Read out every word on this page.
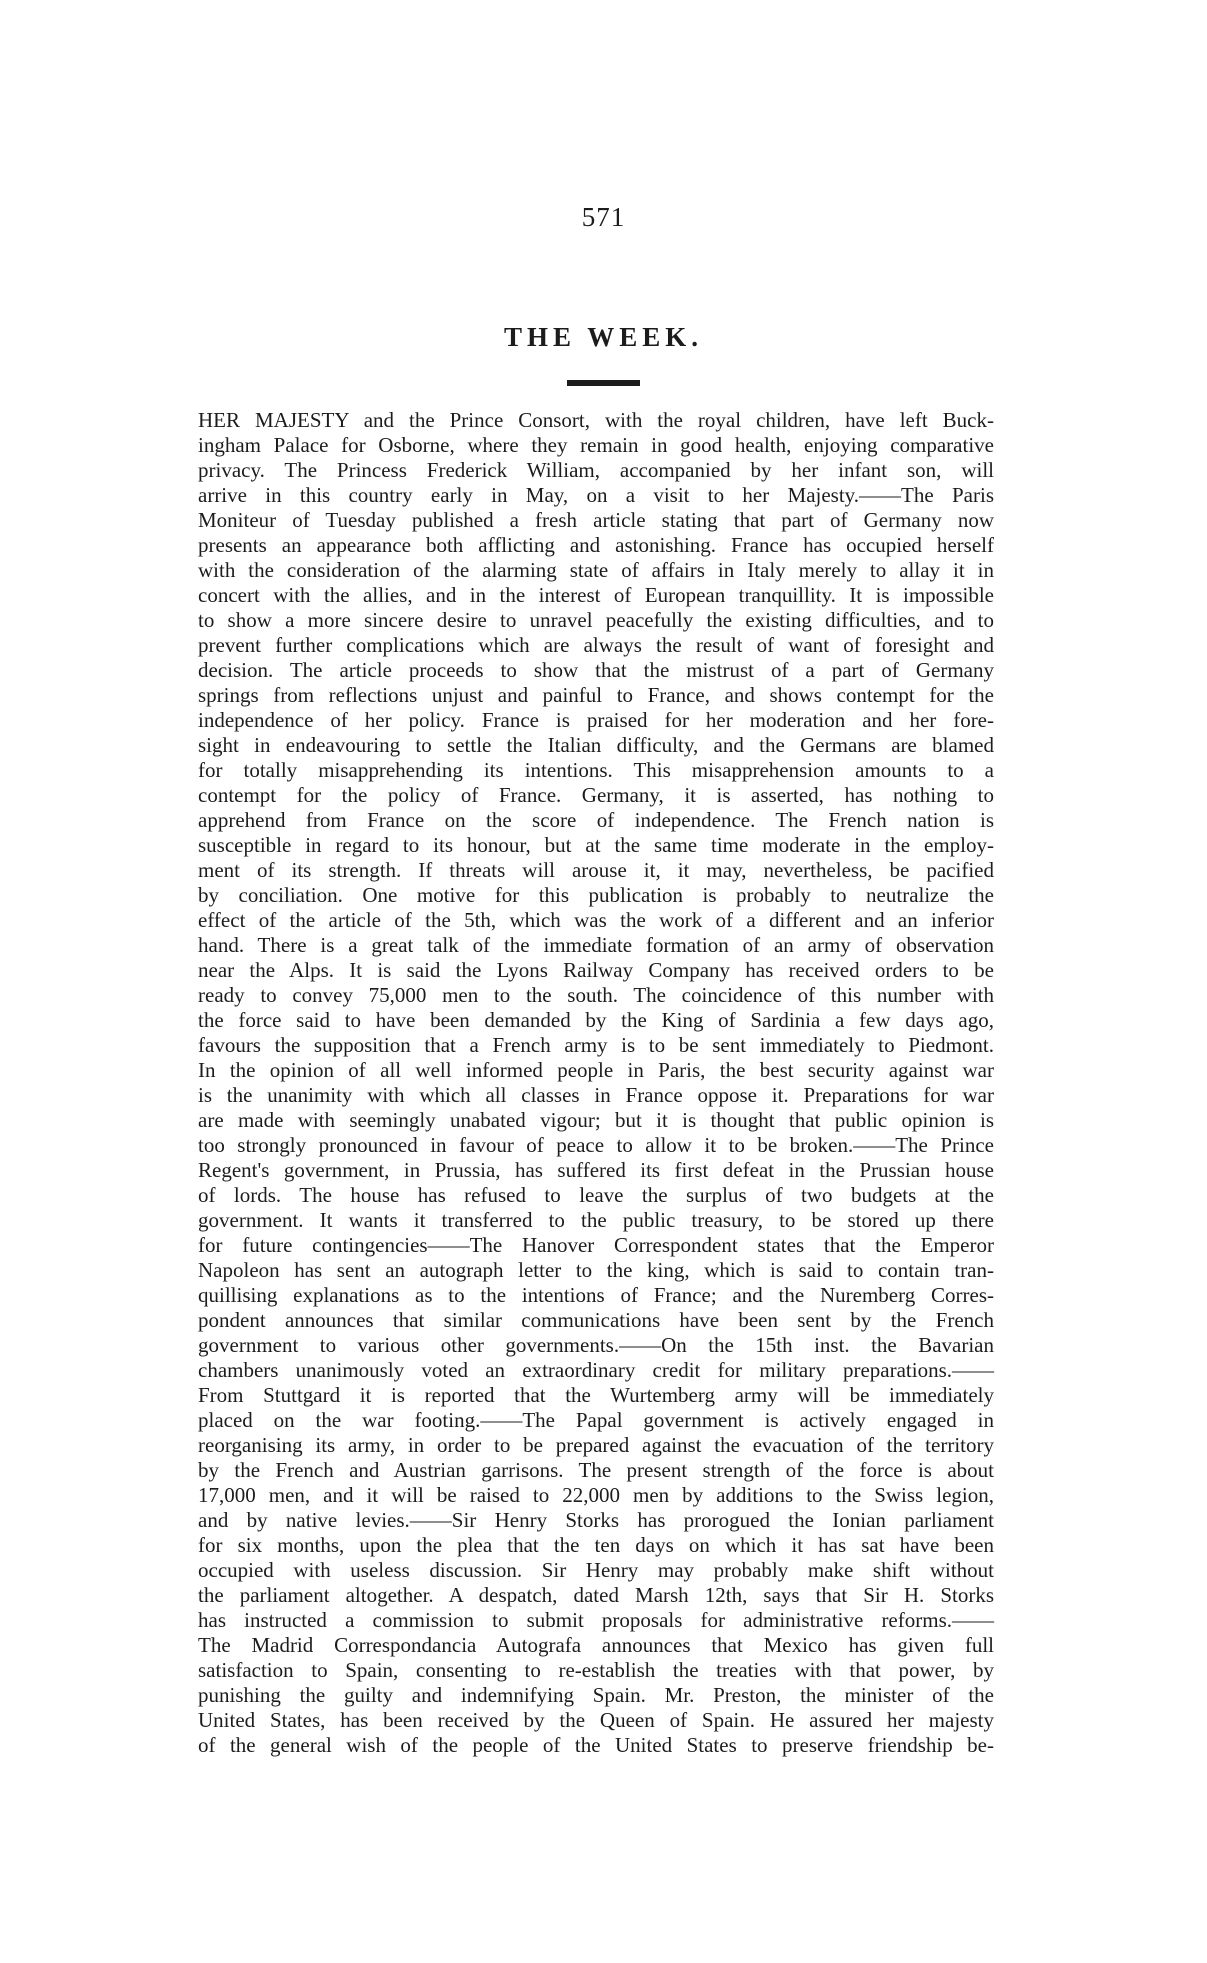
571
THE WEEK.
HER MAJESTY and the Prince Consort, with the royal children, have left Buck-
ingham Palace for Osborne, where they remain in good health, enjoying comparative
privacy. The Princess Frederick William, accompanied by her infant son, will
arrive in this country early in May, on a visit to her Majesty.——The Paris
Moniteur of Tuesday published a fresh article stating that part of Germany now
presents an appearance both afflicting and astonishing. France has occupied herself
with the consideration of the alarming state of affairs in Italy merely to allay it in
concert with the allies, and in the interest of European tranquillity. It is impossible
to show a more sincere desire to unravel peacefully the existing difficulties, and to
prevent further complications which are always the result of want of foresight and
decision. The article proceeds to show that the mistrust of a part of Germany
springs from reflections unjust and painful to France, and shows contempt for the
independence of her policy. France is praised for her moderation and her fore-
sight in endeavouring to settle the Italian difficulty, and the Germans are blamed
for totally misapprehending its intentions. This misapprehension amounts to a
contempt for the policy of France. Germany, it is asserted, has nothing to
apprehend from France on the score of independence. The French nation is
susceptible in regard to its honour, but at the same time moderate in the employ-
ment of its strength. If threats will arouse it, it may, nevertheless, be pacified
by conciliation. One motive for this publication is probably to neutralize the
effect of the article of the 5th, which was the work of a different and an inferior
hand. There is a great talk of the immediate formation of an army of observation
near the Alps. It is said the Lyons Railway Company has received orders to be
ready to convey 75,000 men to the south. The coincidence of this number with
the force said to have been demanded by the King of Sardinia a few days ago,
favours the supposition that a French army is to be sent immediately to Piedmont.
In the opinion of all well informed people in Paris, the best security against war
is the unanimity with which all classes in France oppose it. Preparations for war
are made with seemingly unabated vigour; but it is thought that public opinion is
too strongly pronounced in favour of peace to allow it to be broken.——The Prince
Regent's government, in Prussia, has suffered its first defeat in the Prussian house
of lords. The house has refused to leave the surplus of two budgets at the
government. It wants it transferred to the public treasury, to be stored up there
for future contingencies——The Hanover Correspondent states that the Emperor
Napoleon has sent an autograph letter to the king, which is said to contain tran-
quillising explanations as to the intentions of France; and the Nuremberg Corres-
pondent announces that similar communications have been sent by the French
government to various other governments.——On the 15th inst. the Bavarian
chambers unanimously voted an extraordinary credit for military preparations.——
From Stuttgard it is reported that the Wurtemberg army will be immediately
placed on the war footing.——The Papal government is actively engaged in
reorganising its army, in order to be prepared against the evacuation of the territory
by the French and Austrian garrisons. The present strength of the force is about
17,000 men, and it will be raised to 22,000 men by additions to the Swiss legion,
and by native levies.——Sir Henry Storks has prorogued the Ionian parliament
for six months, upon the plea that the ten days on which it has sat have been
occupied with useless discussion. Sir Henry may probably make shift without
the parliament altogether. A despatch, dated Marsh 12th, says that Sir H. Storks
has instructed a commission to submit proposals for administrative reforms.——
The Madrid Correspondancia Autografa announces that Mexico has given full
satisfaction to Spain, consenting to re-establish the treaties with that power, by
punishing the guilty and indemnifying Spain. Mr. Preston, the minister of the
United States, has been received by the Queen of Spain. He assured her majesty
of the general wish of the people of the United States to preserve friendship be-
